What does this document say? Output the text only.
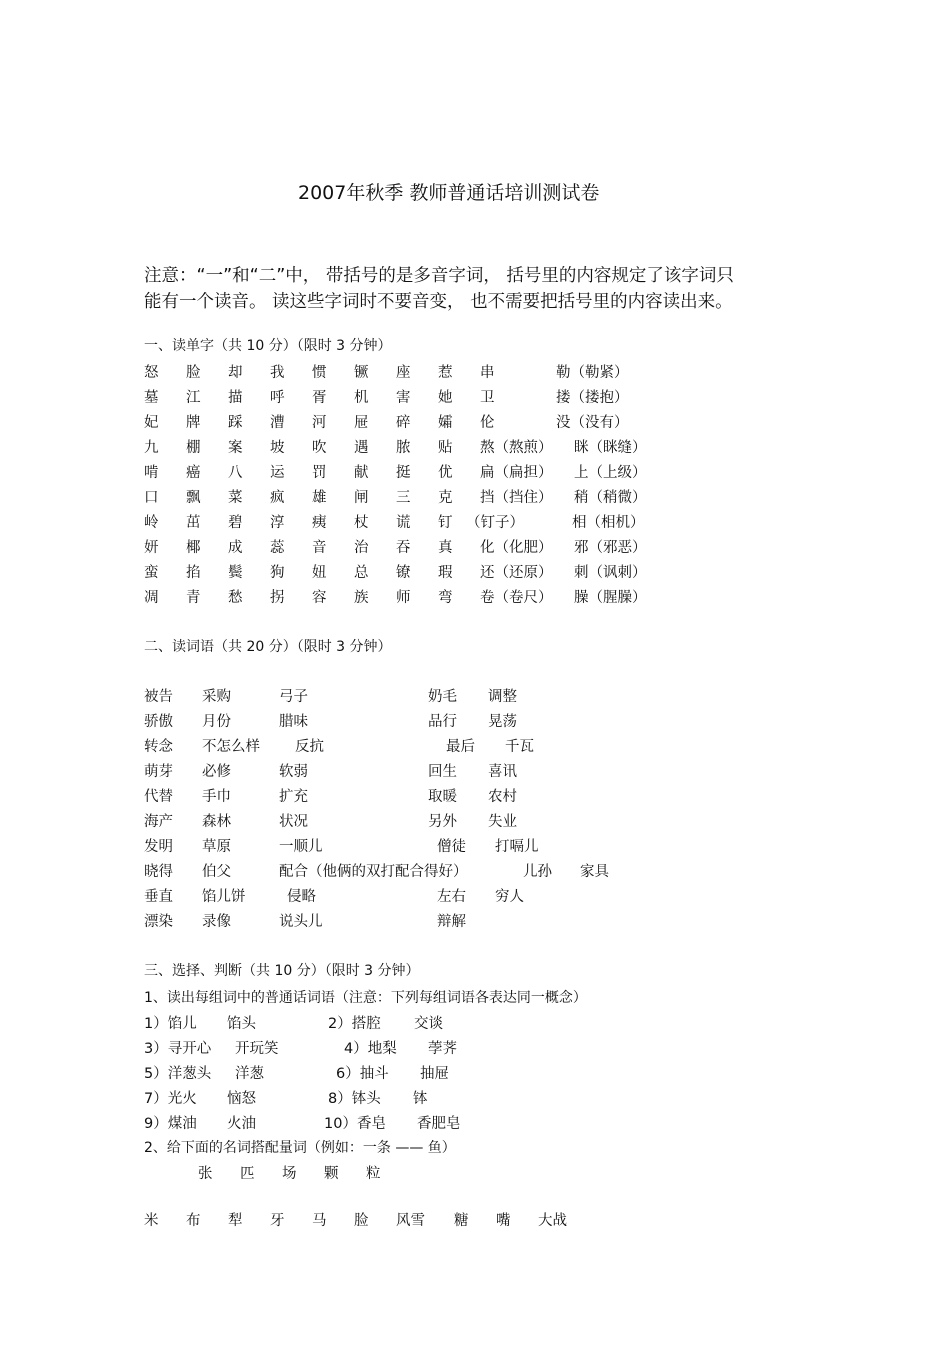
2007年秋季 教师普通话培训测试卷
注意：“一”和“二”中， 带括号的是多音字词， 括号里的内容规定了该字词只
能有一个读音。 读这些字词时不要音变， 也不需要把括号里的内容读出来。
一、读单字（共 10 分）（限时 3 分钟）
怒 脸 却 我 惯 镢 座 惹 串	勒（勒紧）
墓 江 描 呼 胥 机 害 她 卫	搂（搂抱）
妃 牌 踩 漕 河 屉 碎 孀 伦	没（没有）
九 棚 案 坡 吹 遇 脓 贴 熬（熬煎） 眯（眯缝）
啃 癌 八 运 罚 献 挺 优 扁（扁担） 上（上级）
口 飘 菜 疯 雄 闸 三 克 挡（挡住） 稍（稍微）
岭 茁 碧 淳 痍 杖 谎 钉 （钉子）	相（相机）
妍 椰 成 蕊 音 治 吞 真 化（化肥） 邪（邪恶）
蛮 掐 鬓 狗 妞 总 镣 瑕 还（还原） 刺（讽刺）
凋 青 愁 拐 容 族 师 弯 卷（卷尺） 臊（腥臊）
二、读词语（共 20 分）（限时 3 分钟）
被告 采购	弓子	奶毛 调整
骄傲 月份	腊味	品行 晃荡
转念 不怎么样 反抗	最后 千瓦
萌芽 必修	软弱	回生 喜讯
代替 手巾	扩充	取暖 农村
海产 森林	状况	另外 失业
发明 草原	一顺儿	僧徒 打嗝儿
晓得 伯父	配合（他俩的双打配合得好）	儿孙 家具
垂直 馅儿饼	侵略	左右 穷人
漂染 录像	说头儿	辩解
三、选择、判断（共 10 分）（限时 3 分钟）
1、读出每组词中的普通话词语（注意：下列每组词语各表达同一概念）
1）馅儿 馅头	2）搭腔 交谈
3）寻开心 开玩笑	4）地梨 荸荠
5）洋葱头 洋葱	6）抽斗 抽屉
7）光火 恼怒	8）钵头 钵
9）煤油 火油	10）香皂 香肥皂
2、给下面的名词搭配量词（例如：一条 —— 鱼）
张 匹 场 颗 粒
米 布 犁 牙 马 脸 风雪 糖 嘴 大战
